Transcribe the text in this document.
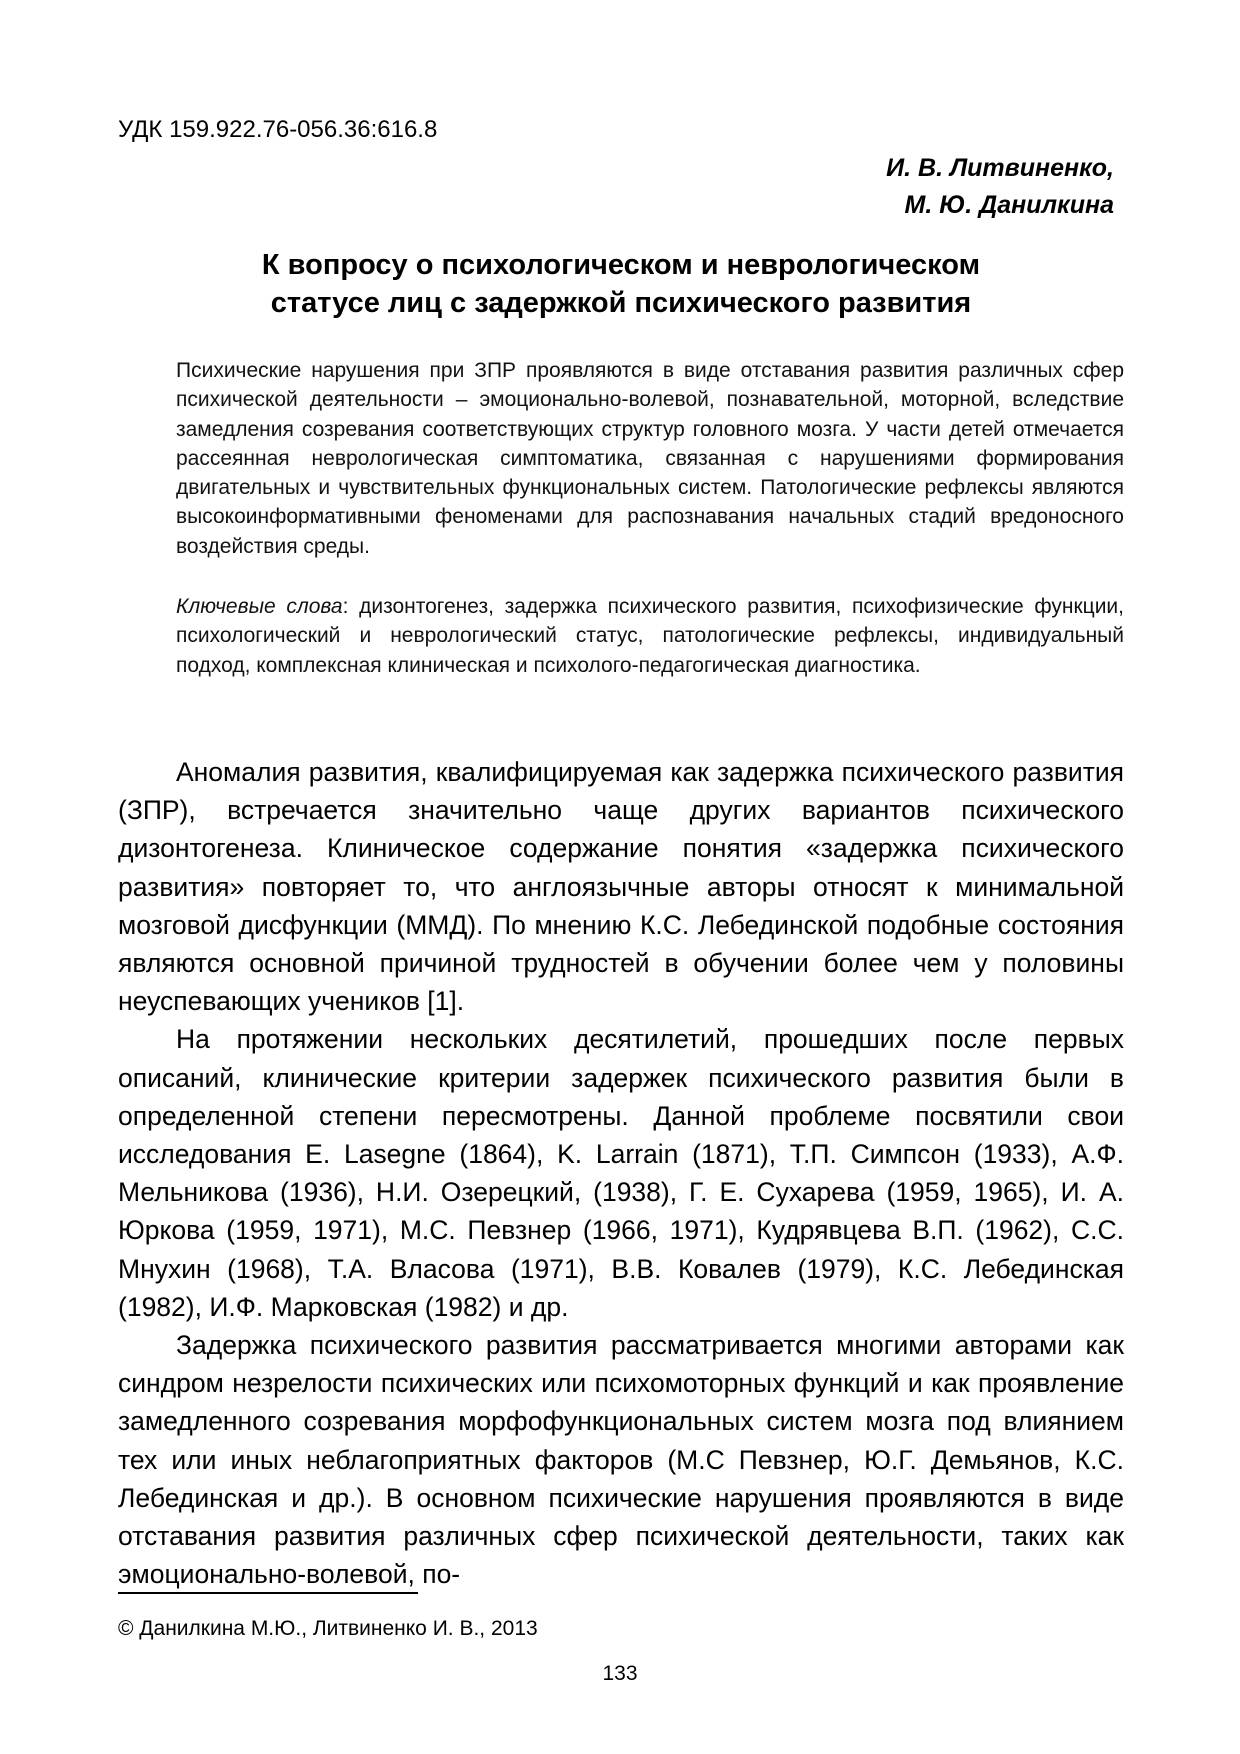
УДК 159.922.76-056.36:616.8
И. В. Литвиненко,
М. Ю. Данилкина
К вопросу о психологическом и неврологическом
статусе лиц с задержкой психического развития

Психические нарушения при ЗПР проявляются в виде отставания развития различных сфер психической деятельности – эмоционально-волевой, познавательной, моторной, вследствие замедления созревания соответствующих структур головного мозга. У части детей отмечается рассеянная неврологическая симптоматика, связанная с нарушениями формирования двигательных и чувствительных функциональных систем. Патологические рефлексы являются высокоинформативными феноменами для распознавания начальных стадий вредоносного воздействия среды.

Ключевые слова: дизонтогенез, задержка психического развития, психофизические функции, психологический и неврологический статус, патологические рефлексы, индивидуальный подход, комплексная клиническая и психолого-педагогическая диагностика.

Аномалия развития, квалифицируемая как задержка психического развития (ЗПР), встречается значительно чаще других вариантов психического дизонтогенеза. Клиническое содержание понятия «задержка психического развития» повторяет то, что англоязычные авторы относят к минимальной мозговой дисфункции (ММД). По мнению К.С. Лебединской подобные состояния являются основной причиной трудностей в обучении более чем у половины неуспевающих учеников [1].

На протяжении нескольких десятилетий, прошедших после первых описаний, клинические критерии задержек психического развития были в определенной степени пересмотрены. Данной проблеме посвятили свои исследования E. Lasegne (1864), K. Larrain (1871), Т.П. Симпсон (1933), А.Ф. Мельникова (1936), Н.И. Озерецкий, (1938), Г. Е. Сухарева (1959, 1965), И. А. Юркова (1959, 1971), М.С. Певзнер (1966, 1971), Кудрявцева В.П. (1962), С.С. Мнухин (1968), Т.А. Власова (1971), В.В. Ковалев (1979), К.С. Лебединская (1982), И.Ф. Марковская (1982) и др.

Задержка психического развития рассматривается многими авторами как синдром незрелости психических или психомоторных функций и как проявление замедленного созревания морфофункциональных систем мозга под влиянием тех или иных неблагоприятных факторов (М.С Певзнер, Ю.Г. Демьянов, К.С. Лебединская и др.). В основном психические нарушения проявляются в виде отставания развития различных сфер психической деятельности, таких как эмоционально-волевой, по-

© Данилкина М.Ю., Литвиненко И. В., 2013
133
